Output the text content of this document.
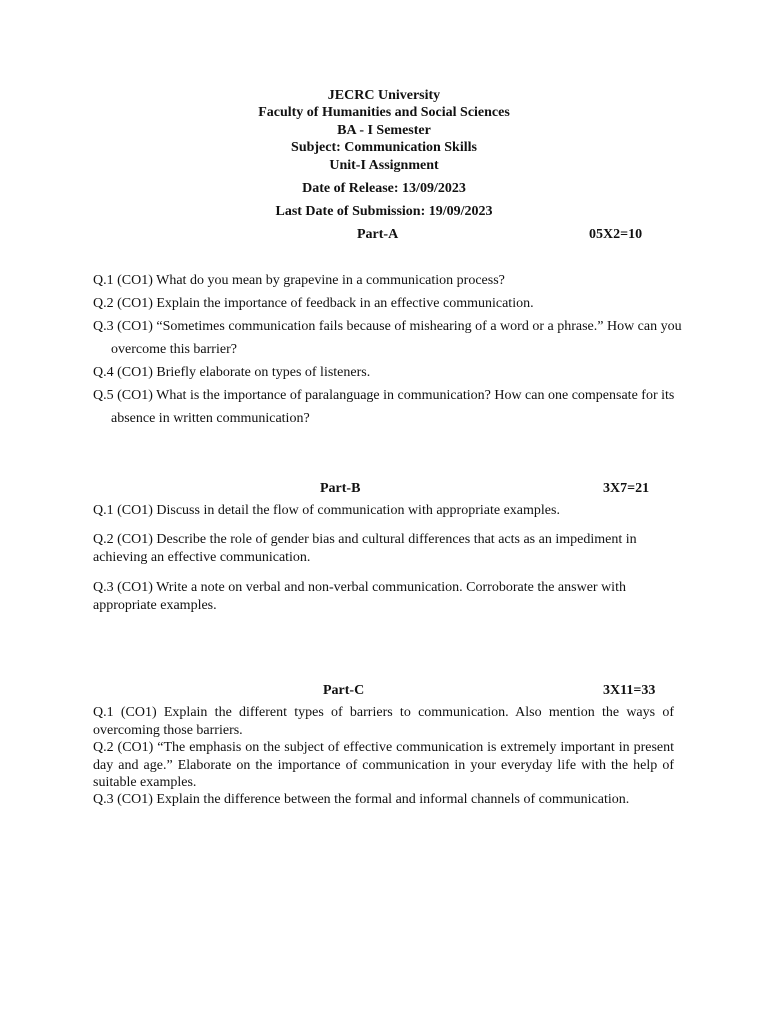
JECRC University
Faculty of Humanities and Social Sciences
BA - I Semester
Subject: Communication Skills
Unit-I Assignment
Date of Release: 13/09/2023
Last Date of Submission: 19/09/2023
Part-A	05X2=10
Q.1 (CO1) What do you mean by grapevine in a communication process?
Q.2 (CO1) Explain the importance of feedback in an effective communication.
Q.3 (CO1) “Sometimes communication fails because of mishearing of a word or a phrase.” How can you overcome this barrier?
Q.4 (CO1) Briefly elaborate on types of listeners.
Q.5 (CO1) What is the importance of paralanguage in communication? How can one compensate for its absence in written communication?
Part-B	3X7=21
Q.1 (CO1) Discuss in detail the flow of communication with appropriate examples.
Q.2 (CO1) Describe the role of gender bias and cultural differences that acts as an impediment in achieving an effective communication.
Q.3 (CO1) Write a note on verbal and non-verbal communication. Corroborate the answer with appropriate examples.
Part-C	3X11=33
Q.1 (CO1) Explain the different types of barriers to communication. Also mention the ways of overcoming those barriers.
Q.2 (CO1) “The emphasis on the subject of effective communication is extremely important in present day and age.” Elaborate on the importance of communication in your everyday life with the help of suitable examples.
Q.3 (CO1) Explain the difference between the formal and informal channels of communication.
